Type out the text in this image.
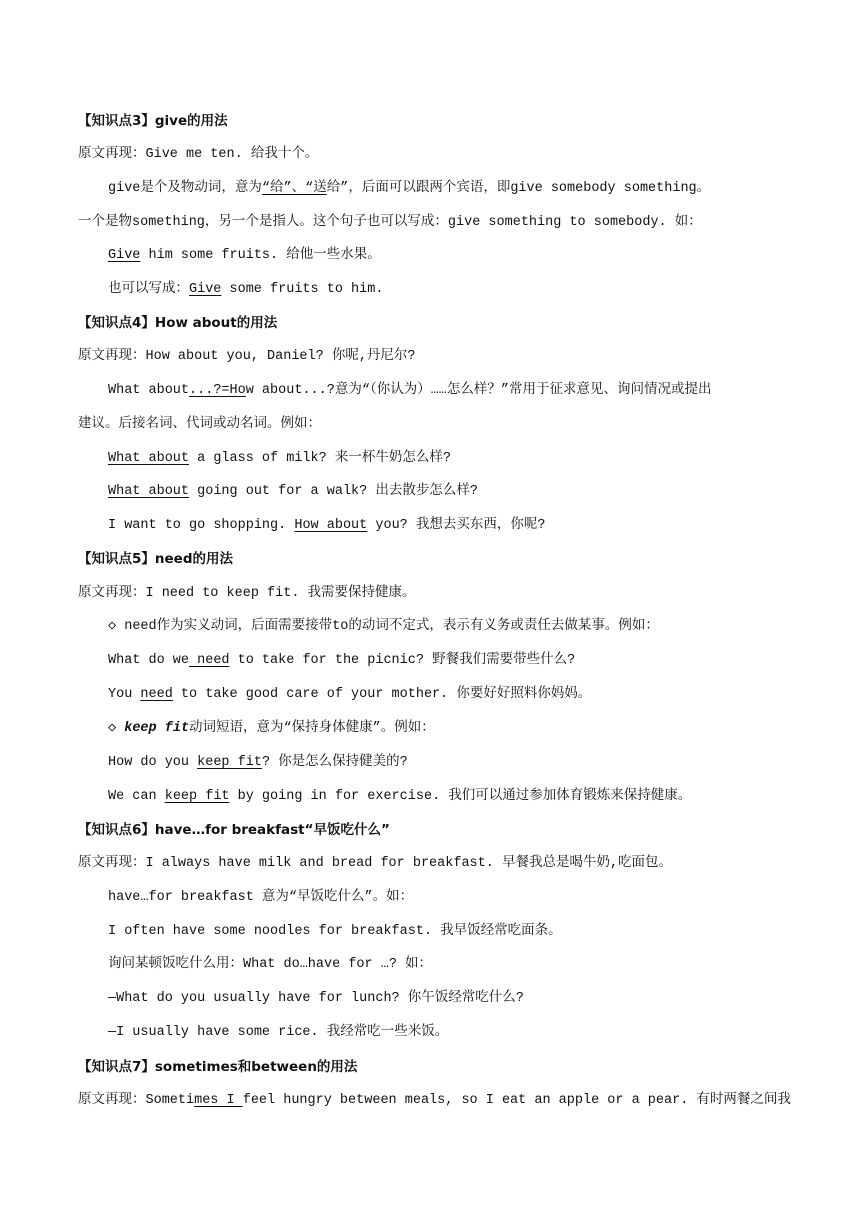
【知识点3】give的用法
原文再现：Give me ten. 给我十个。
give是个及物动词，意为“给”、“送给”，后面可以跟两个宾语，即give somebody something。
一个是物something，另一个是指人。这个句子也可以写成：give something to somebody. 如：
Give him some fruits. 给他一些水果。
也可以写成：Give some fruits to him.
【知识点4】How about的用法
原文再现：How about you, Daniel? 你呢,丹尼尔?
What about...?=How about...?意为“（你认为）……怎么样？”常用于征求意见、询问情况或提出
建议。后接名词、代词或动名词。例如：
What about a glass of milk? 来一杯牛奶怎么样?
What about going out for a walk? 出去散步怎么样?
I want to go shopping. How about you? 我想去买东西，你呢?
【知识点5】need的用法
原文再现：I need to keep fit. 我需要保持健康。
◇ need作为实义动词，后面需要接带to的动词不定式，表示有义务或责任去做某事。例如：
What do we need to take for the picnic? 野餐我们需要带些什么?
You need to take good care of your mother. 你要好好照料你妈妈。
◇ keep fit动词短语，意为“保持身体健康”。例如：
How do you keep fit? 你是怎么保持健美的?
We can keep fit by going in for exercise. 我们可以通过参加体育锻炼来保持健康。
【知识点6】have…for breakfast“早饭吃什么”
原文再现：I always have milk and bread for breakfast. 早餐我总是喝牛奶,吃面包。
have…for breakfast 意为“早饭吃什么”。如：
I often have some noodles for breakfast. 我早饭经常吃面条。
询问某顿饭吃什么用：What do…have for …? 如：
—What do you usually have for lunch? 你午饭经常吃什么?
—I usually have some rice. 我经常吃一些米饭。
【知识点7】sometimes和between的用法
原文再现：Sometimes I feel hungry between meals, so I eat an apple or a pear. 有时两餐之间我
